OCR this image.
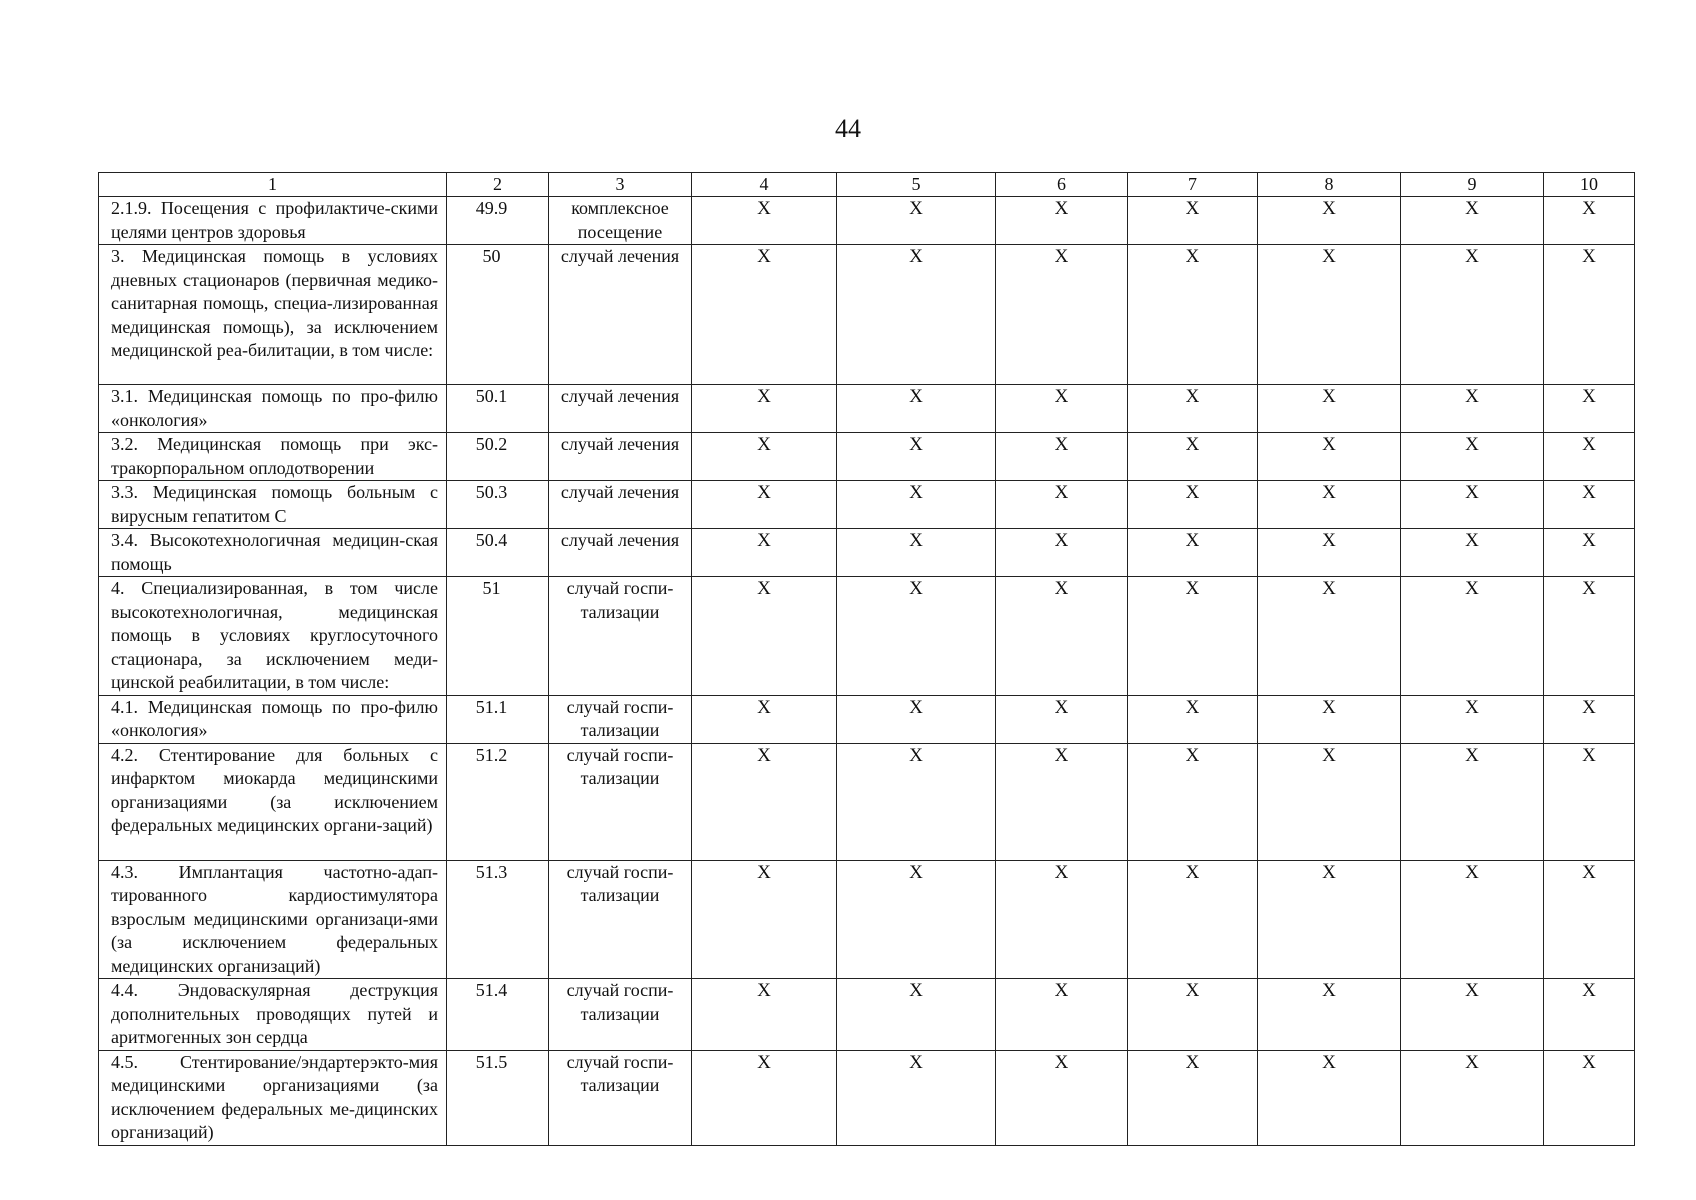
44
1	2	3	4	5	6	7	8	9	10
2.1.9. Посещения с профилактиче-скими целями центров здоровья	49.9	комплексное посещение	X	X	X	X	X	X	X
3. Медицинская помощь в условиях дневных стационаров (первичная медико-санитарная помощь, специа-лизированная медицинская помощь), за исключением медицинской реа-билитации, в том числе:	50	случай лечения	X	X	X	X	X	X	X
3.1. Медицинская помощь по про-филю «онкология»	50.1	случай лечения	X	X	X	X	X	X	X
3.2. Медицинская помощь при экс-тракорпоральном оплодотворении	50.2	случай лечения	X	X	X	X	X	X	X
3.3. Медицинская помощь больным с вирусным гепатитом С	50.3	случай лечения	X	X	X	X	X	X	X
3.4. Высокотехнологичная медицин-ская помощь	50.4	случай лечения	X	X	X	X	X	X	X
4. Специализированная, в том числе высокотехнологичная, медицинская помощь в условиях круглосуточного стационара, за исключением меди-цинской реабилитации, в том числе:	51	случай госпи-тализации	X	X	X	X	X	X	X
4.1. Медицинская помощь по про-филю «онкология»	51.1	случай госпи-тализации	X	X	X	X	X	X	X
4.2. Стентирование для больных с инфарктом миокарда медицинскими организациями (за исключением федеральных медицинских органи-заций)	51.2	случай госпи-тализации	X	X	X	X	X	X	X
4.3. Имплантация частотно-адап-тированного кардиостимулятора взрослым медицинскими организаци-ями (за исключением федеральных медицинских организаций)	51.3	случай госпи-тализации	X	X	X	X	X	X	X
4.4. Эндоваскулярная деструкция дополнительных проводящих путей и аритмогенных зон сердца	51.4	случай госпи-тализации	X	X	X	X	X	X	X
4.5. Стентирование/эндартерэкто-мия медицинскими организациями (за исключением федеральных ме-дицинских организаций)	51.5	случай госпи-тализации	X	X	X	X	X	X	X
